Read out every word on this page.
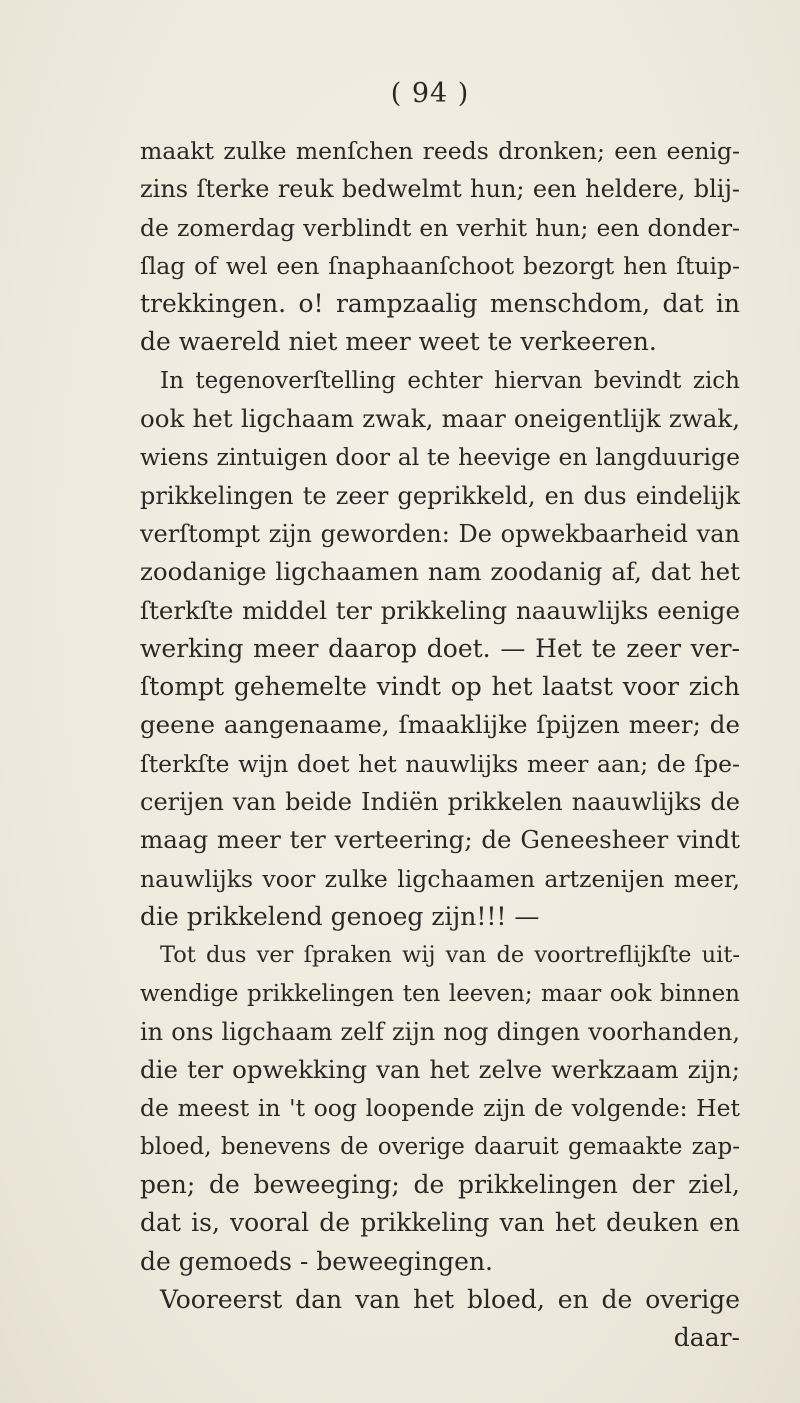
( 94 )
maakt zulke menſchen reeds dronken; een eenig-
zins ſterke reuk bedwelmt hun; een heldere, blij-
de zomerdag verblindt en verhit hun; een donder-
ſlag of wel een ſnaphaanſchoot bezorgt hen ſtuip-
trekkingen. o! rampzaalig menschdom, dat in
de waereld niet meer weet te verkeeren.
In tegenoverſtelling echter hiervan bevindt zich
ook het ligchaam zwak, maar oneigentlijk zwak,
wiens zintuigen door al te heevige en langduurige
prikkelingen te zeer geprikkeld, en dus eindelijk
verſtompt zijn geworden: De opwekbaarheid van
zoodanige ligchaamen nam zoodanig af, dat het
ſterkſte middel ter prikkeling naauwlijks eenige
werking meer daarop doet. — Het te zeer ver-
ſtompt gehemelte vindt op het laatst voor zich
geene aangenaame, ſmaaklijke ſpijzen meer; de
ſterkſte wijn doet het nauwlijks meer aan; de ſpe-
cerijen van beide Indiën prikkelen naauwlijks de
maag meer ter verteering; de Geneesheer vindt
nauwlijks voor zulke ligchaamen artzenijen meer,
die prikkelend genoeg zijn!!! —
Tot dus ver ſpraken wij van de voortreflijkſte uit-
wendige prikkelingen ten leeven; maar ook binnen
in ons ligchaam zelf zijn nog dingen voorhanden,
die ter opwekking van het zelve werkzaam zijn;
de meest in 't oog loopende zijn de volgende: Het
bloed, benevens de overige daaruit gemaakte zap-
pen; de beweeging; de prikkelingen der ziel,
dat is, vooral de prikkeling van het deuken en
de gemoeds - beweegingen.
Vooreerst dan van het bloed, en de overige
daar-
